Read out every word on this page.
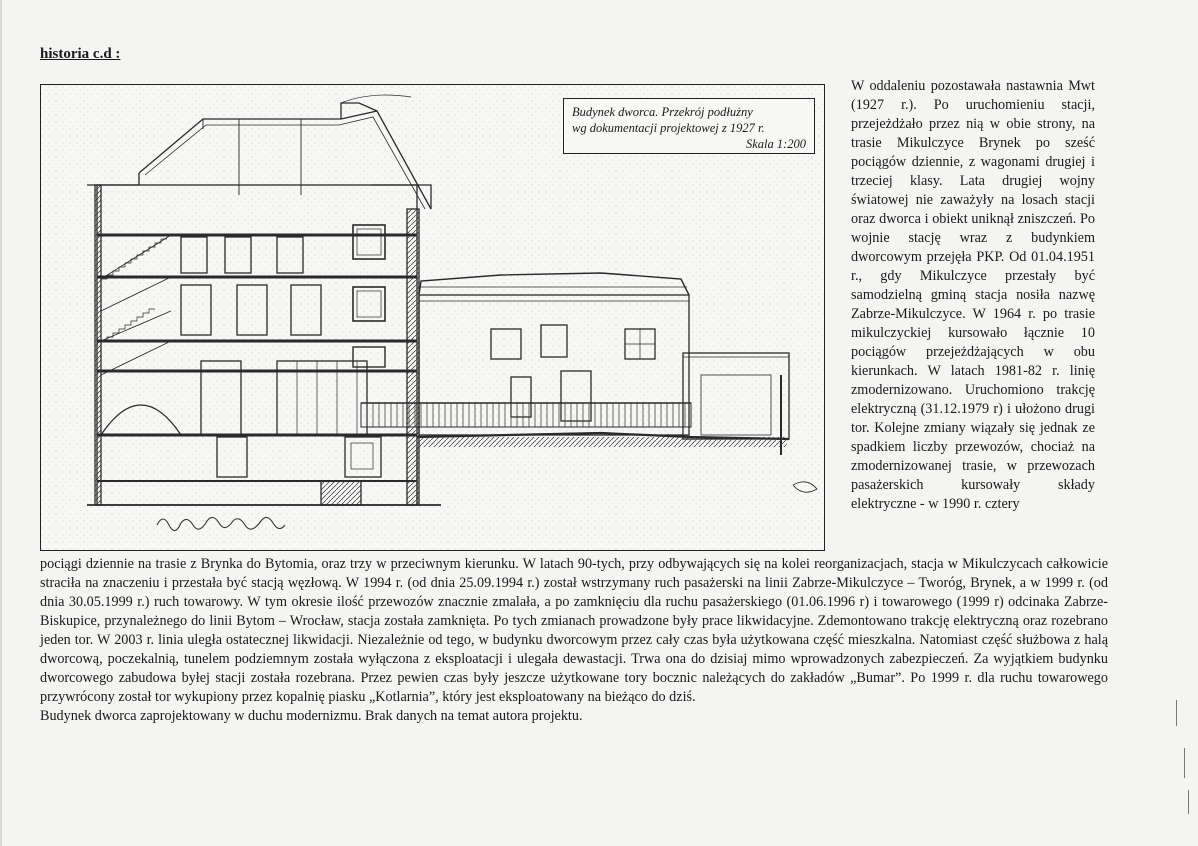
historia c.d :
Budynek dworca. Przekrój podłużny
wg dokumentacji projektowej z 1927 r.
Skala 1:200
W oddaleniu pozostawała nastawnia Mwt (1927 r.). Po uruchomieniu stacji, przejeżdżało przez nią w obie strony, na trasie Mikulczyce Brynek po sześć pociągów dziennie, z wagonami drugiej i trzeciej klasy. Lata drugiej wojny światowej nie zaważyły na losach stacji oraz dworca i obiekt uniknął zniszczeń. Po wojnie stację wraz z budynkiem dworcowym przejęła PKP. Od 01.04.1951 r., gdy Mikulczyce przestały być samodzielną gminą stacja nosiła nazwę Zabrze-Mikulczyce. W 1964 r. po trasie mikulczyckiej kursowało łącznie 10 pociągów przejeżdżających w obu kierunkach. W latach 1981-82 r. linię zmodernizowano. Uruchomiono trakcję elektryczną (31.12.1979 r) i ułożono drugi tor. Kolejne zmiany wiązały się jednak ze spadkiem liczby przewozów, chociaż na zmodernizowanej trasie, w przewozach pasażerskich kursowały składy elektryczne - w 1990 r. cztery

pociągi dziennie na trasie z Brynka do Bytomia, oraz trzy w przeciwnym kierunku. W latach 90-tych, przy odbywających się na kolei reorganizacjach, stacja w Mikulczycach całkowicie straciła na znaczeniu i przestała być stacją węzłową. W 1994 r. (od dnia 25.09.1994 r.) został wstrzymany ruch pasażerski na linii Zabrze-Mikulczyce – Tworóg, Brynek, a w 1999 r. (od dnia 30.05.1999 r.) ruch towarowy. W tym okresie ilość przewozów znacznie zmalała, a po zamknięciu dla ruchu pasażerskiego (01.06.1996 r) i towarowego (1999 r) odcinaka Zabrze-Biskupice, przynależnego do linii Bytom – Wrocław, stacja została zamknięta. Po tych zmianach prowadzone były prace likwidacyjne. Zdemontowano trakcję elektryczną oraz rozebrano jeden tor. W 2003 r. linia uległa ostatecznej likwidacji. Niezależnie od tego, w budynku dworcowym przez cały czas była użytkowana część mieszkalna. Natomiast część służbowa z halą dworcową, poczekalnią, tunelem podziemnym została wyłączona z eksploatacji i ulegała dewastacji. Trwa ona do dzisiaj mimo wprowadzonych zabezpieczeń. Za wyjątkiem budynku dworcowego zabudowa byłej stacji została rozebrana. Przez pewien czas były jeszcze użytkowane tory bocznic należących do zakładów „Bumar”. Po 1999 r. dla ruchu towarowego przywrócony został tor wykupiony przez kopalnię piasku „Kotlarnia”, który jest eksploatowany na bieżąco do dziś.

Budynek dworca zaprojektowany w duchu modernizmu. Brak danych na temat autora projektu.
